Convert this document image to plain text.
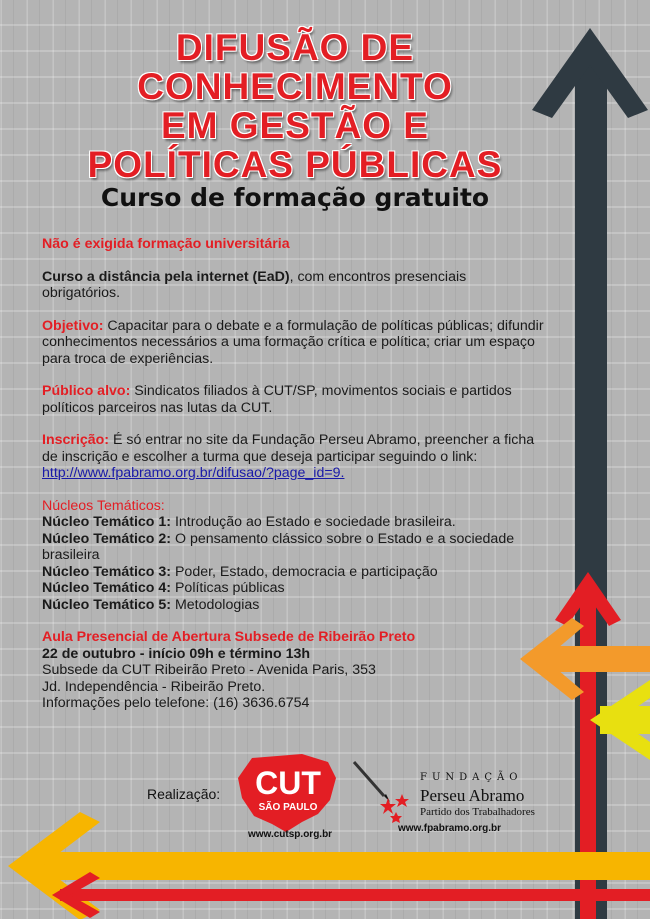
DIFUSÃO DE
CONHECIMENTO
EM GESTÃO E
POLÍTICAS PÚBLICAS
Curso de formação gratuito

Não é exigida formação universitária

Curso a distância pela internet (EaD), com encontros presenciais obrigatórios.

Objetivo: Capacitar para o debate e a formulação de políticas públicas; difundir conhecimentos necessários a uma formação crítica e política; criar um espaço para troca de experiências.

Público alvo: Sindicatos filiados à CUT/SP, movimentos sociais e partidos políticos parceiros nas lutas da CUT.

Inscrição: É só entrar no site da Fundação Perseu Abramo, preencher a ficha de inscrição e escolher a turma que deseja participar seguindo o link: http://www.fpabramo.org.br/difusao/?page_id=9.

Núcleos Temáticos:

Núcleo Temático 1: Introdução ao Estado e sociedade brasileira.

Núcleo Temático 2: O pensamento clássico sobre o Estado e a sociedade brasileira

Núcleo Temático 3: Poder, Estado, democracia e participação

Núcleo Temático 4: Políticas públicas

Núcleo Temático 5: Metodologias

Aula Presencial de Abertura Subsede de Ribeirão Preto

22 de outubro - início 09h e término 13h

Subsede da CUT Ribeirão Preto - Avenida Paris, 353

Jd. Independência - Ribeirão Preto.

Informações pelo telefone: (16) 3636.6754

Realização: CUT
SÃO PAULO
www.cutsp.org.br
FUNDAÇÃO
Perseu Abramo
Partido dos Trabalhadores
www.fpabramo.org.br
